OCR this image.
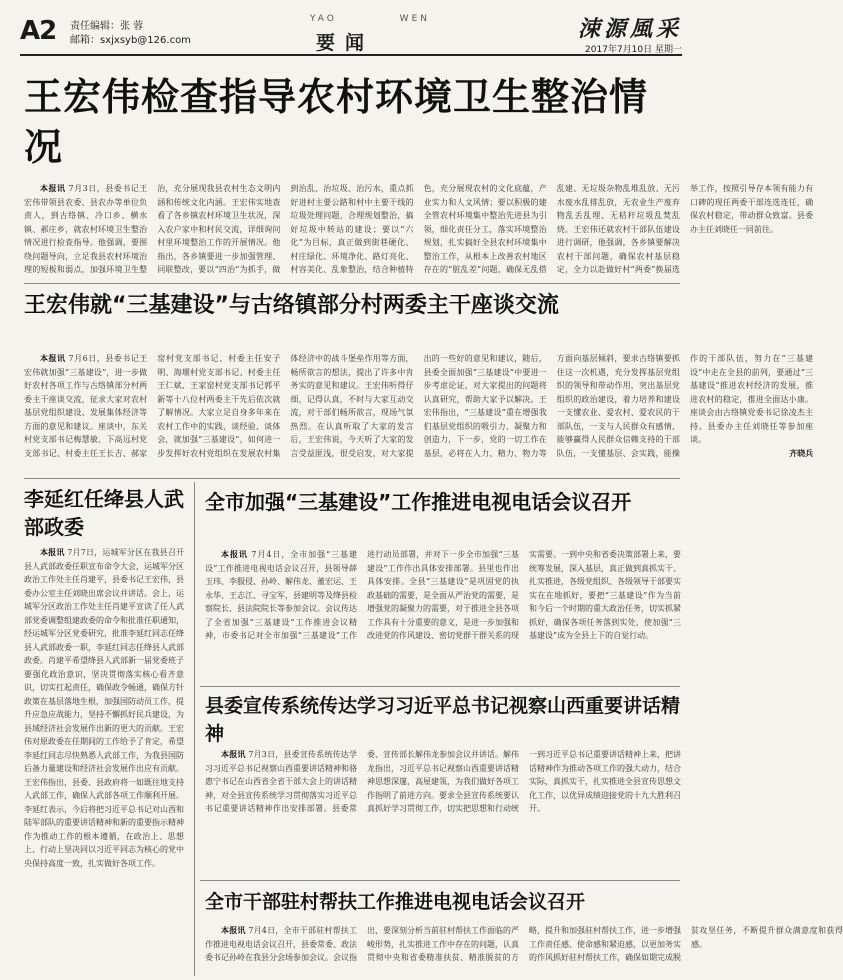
A2 责任编辑：张 蓉
邮箱：sxjxsyb@126.com
YAO	WEN
要闻
涑源風采
2017年7月10日 星期一
王宏伟检查指导农村环境卫生整治情况

本报讯 7月3日，县委书记王宏伟带领县农委、县农办等单位负责人，到古络镇、冷口乡、横水镇、郝庄乡，就农村环境卫生整治情况进行检查指导。他强调，要围绕问题导向，立足我县农村环境治理的短板和弱点，加强环境卫生整治，充分展现我县农村生态文明内涵和传统文化内涵。王宏伟实地查看了各乡镇农村环境卫生状况，深入农户家中和村民交流，详细询问村里环境整治工作的开展情况。他指出，各乡镇要进一步加强管理、同联整改，要以“四治”为抓手，做到治乱、治垃圾、治污水，重点抓好进村主要公路和村中主要干线的垃圾处理问题，合理规划整治，搞好垃圾中转站的建设；要以“六化”为目标，真正做到街巷硬化、村庄绿化、环境净化、路灯亮化、村容美化、乱象整治，结合种植特色，充分展现农村的文化底蕴，产业实力和人文风情；要以积极的建全管农村环境集中整治先进县为引领，细化责任分工，落实环境整治规划，扎实搞好全县农村环境集中整治工作，从根本上改善农村地区存在的“脏乱差”问题，确保无乱搭乱建、无垃圾杂物乱堆乱放、无污水废水乱排乱放，无农业生产废弃物乱丢乱埋、无秸秆垃圾乱焚乱烧。王宏伟还就农村干部队伍建设进行调研，他强调，各乡镇要解决农村干部问题，确保农村基层稳定，全力以赴做好村“两委”换届选举工作，按照引导存本领有能力有口碑的现任两委干部连选连任，确保农村稳定，带动群众致富。县委办主任刘晓任一同前往。

王宏伟就“三基建设”与古络镇部分村两委主干座谈交流

本报讯 7月6日，县委书记王宏伟就加强“三基建设”，进一步做好农村各项工作与古络镇部分村两委主干座谈交流，征求大家对农村基层党组织建设、发展集体经济等方面的意见和建议。座谈中，东关村党支部书记梅慧敏、下高远村党支部书记、村委主任王长吉、郝家窑村党支部书记、村委主任安子明、海堰村党支部书记、村委主任王仁斌、王家窑村党支部书记郭平新等十八位村两委主干先后依次就了解情况。大家立足自身多年来在农村工作中的实践，谈经验、谈体会，就加强“三基建设”，如何进一步发挥好农村党组织在发展农村集体经济中的战斗堡垒作用等方面，畅所欲言的想法，提出了许多中肯务实的意见和建议。王宏伟听得仔细，记得认真，不时与大家互动交流，对干部们畅所欲言，现场气氛热烈。在认真听取了大家的发言后，王宏伟说，今天听了大家的发言受益匪浅，很受启发，对大家提出的一些好的意见和建议，随后，县委全面加强“三基建设”中要进一步考虑论证，对大家提出的问题将认真研究，帮助大家予以解决。王宏伟指出，“三基建设”重在增强我们基层党组织的吸引力、凝聚力和创造力，下一步，党的一切工作在基层，必将在人力、精力、物力等方面向基层倾斜，要求古络镇要抓住这一次机遇，充分发挥基层党组织的领导和带动作用，突出基层党组织的政治建设，着力培养和建设一支懂农业、爱农村、爱农民的干部队伍，一支与人民群众有感情、能够赢得人民群众信赖支持的干部队伍，一支懂基层、会实践，能操作的干部队伍，努力在“三基建设”中走在全县的前列，要通过“三基建设”推进农村经济的发展，推进农村的稳定，推进全面达小康。座谈会由古络镇党委书记徐凌杰主持。县委办主任刘晓任等参加座谈。

齐晓兵

李延红任绛县人武部政委

本报讯 7月7日，运城军分区在我县召开县人武部政委任职宣布命令大会，运城军分区政治工作处主任肖建平，县委书记王宏伟，县委办公室主任刘晓出席会议并讲话。会上，运城军分区政治工作处主任肖建平宣读了任人武部党委调整组建政委的命令和批准任职通知，经运城军分区党委研究，批准李延红同志任绛县人武部政委一职，李延红同志任绛县人武部政委。肖建平希望绛县人武部新一届党委班子要强化政治意识，坚决贯彻落实核心看齐意识，切实扛起责任，确保政令畅通，确保方针政策在基层落地生根，加强国防动员工作，提升应急应战能力，坚持不懈抓好民兵建设，为县域经济社会发展作出新的更大的贡献。王宏伟对原政委在任期间的工作给予了肯定，希望李延红同志尽快熟悉人武部工作，为我县国防后备力量建设和经济社会发展作出应有贡献。王宏伟指出，县委、县政府将一如既往地支持人武部工作，确保人武部各项工作顺利开展。李延红表示，今后将把习近平总书记对山西和陆军部队的重要讲话精神和新的重要指示精神作为推动工作的根本遵循，在政治上、思想上、行动上坚决同以习近平同志为核心的党中央保持高度一致，扎实做好各项工作。

全市加强“三基建设”工作推进电视电话会议召开

本报讯 7月4日，全市加强“三基建设”工作推进电视电话会议召开，县领导薛玉玮、李服侵、孙岭、解伟龙、董宏运、王永华、王志江、寻宝军，县建明等及绛县检察院长、县法院院长等参加会议。会议传达了全省加强“三基建设”工作推进会议精神，市委书记对全市加强“三基建设”工作进行动员部署，并对下一步全市加强“三基建设”工作作出具体安排部署。县里也作出具体安排。全县“三基建设”是巩固党的执政基础的需要，是全面从严治党的需要，是增强党的凝聚力的需要，对于推进全县各项工作具有十分重要的意义，是进一步加强和改进党的作风建设、密切党群干群关系的现实需要。一到中央和省委决策部署上来，要统筹发展，深入基层，真正做到真抓实干、扎实推进，各级党组织、各级领导干部要实实在在地抓好，要把“三基建设”作为当前和今后一个时期的重大政治任务，切实抓紧抓好，确保各项任务落到实处，使加强“三基建设”成为全县上下的自觉行动。

县委宣传系统传达学习习近平总书记视察山西重要讲话精神

本报讯 7月3日，县委宣传系统传达学习习近平总书记视察山西重要讲话精神和骆惠宁书记在山西省全省干部大会上的讲话精神，对全县宣传系统学习贯彻落实习近平总书记重要讲话精神作出安排部署。县委常委、宣传部长解伟龙参加会议并讲话。解伟龙指出，习近平总书记视察山西重要讲话精神思想深邃，高屋建瓴，为我们做好各项工作指明了前进方向。要求全县宣传系统要认真抓好学习贯彻工作，切实把思想和行动统一到习近平总书记重要讲话精神上来，把讲话精神作为推动各项工作的强大动力，结合实际，真抓实干，扎实推进全县宣传思想文化工作，以优异成绩迎接党的十九大胜利召开。

全市干部驻村帮扶工作推进电视电话会议召开

本报讯 7月4日，全市干部驻村帮扶工作推进电视电话会议召开，县委常委、政法委书记孙岭在我县分会场参加会议。会议指出，要深刻分析当前驻村帮扶工作面临的严峻形势，扎实推进工作中存在的问题，认真贯彻中央和省委精准扶贫、精准脱贫的方略，提升和加强驻村帮扶工作，进一步增强工作责任感、使命感和紧迫感，以更加务实的作风抓好驻村帮扶工作，确保如期完成脱贫攻坚任务，不断提升群众满意度和获得感。
